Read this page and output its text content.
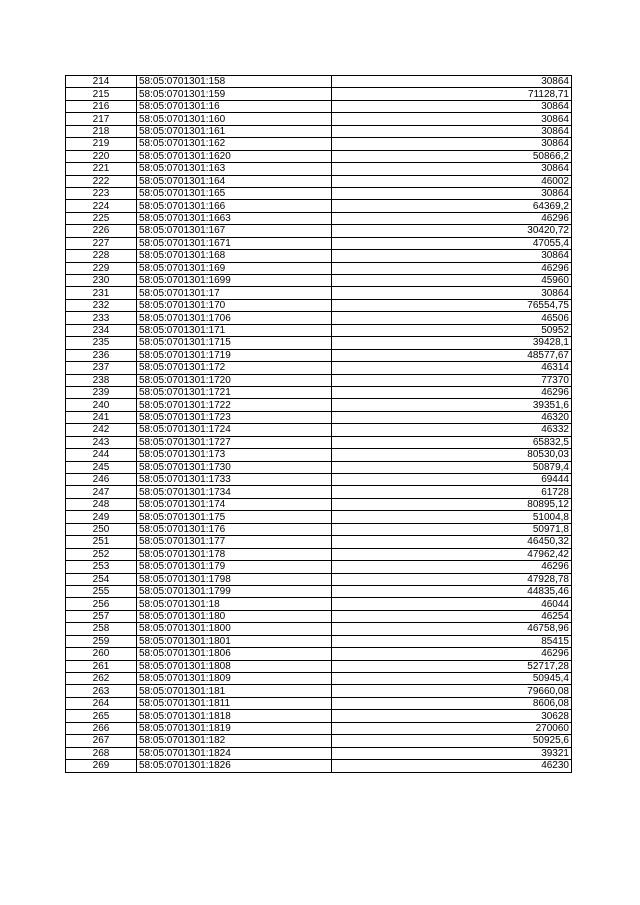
214	58:05:0701301:158	30864
215	58:05:0701301:159	71128,71
216	58:05:0701301:16	30864
217	58:05:0701301:160	30864
218	58:05:0701301:161	30864
219	58:05:0701301:162	30864
220	58:05:0701301:1620	50866,2
221	58:05:0701301:163	30864
222	58:05:0701301:164	46002
223	58:05:0701301:165	30864
224	58:05:0701301:166	64369,2
225	58:05:0701301:1663	46296
226	58:05:0701301:167	30420,72
227	58:05:0701301:1671	47055,4
228	58:05:0701301:168	30864
229	58:05:0701301:169	46296
230	58:05:0701301:1699	45960
231	58:05:0701301:17	30864
232	58:05:0701301:170	76554,75
233	58:05:0701301:1706	46506
234	58:05:0701301:171	50952
235	58:05:0701301:1715	39428,1
236	58:05:0701301:1719	48577,67
237	58:05:0701301:172	46314
238	58:05:0701301:1720	77370
239	58:05:0701301:1721	46296
240	58:05:0701301:1722	39351,6
241	58:05:0701301:1723	46320
242	58:05:0701301:1724	46332
243	58:05:0701301:1727	65832,5
244	58:05:0701301:173	80530,03
245	58:05:0701301:1730	50879,4
246	58:05:0701301:1733	69444
247	58:05:0701301:1734	61728
248	58:05:0701301:174	80895,12
249	58:05:0701301:175	51004,8
250	58:05:0701301:176	50971,8
251	58:05:0701301:177	46450,32
252	58:05:0701301:178	47962,42
253	58:05:0701301:179	46296
254	58:05:0701301:1798	47928,78
255	58:05:0701301:1799	44835,46
256	58:05:0701301:18	46044
257	58:05:0701301:180	46254
258	58:05:0701301:1800	46758,96
259	58:05:0701301:1801	85415
260	58:05:0701301:1806	46296
261	58:05:0701301:1808	52717,28
262	58:05:0701301:1809	50945,4
263	58:05:0701301:181	79660,08
264	58:05:0701301:1811	8606,08
265	58:05:0701301:1818	30628
266	58:05:0701301:1819	270060
267	58:05:0701301:182	50925,6
268	58:05:0701301:1824	39321
269	58:05:0701301:1826	46230
